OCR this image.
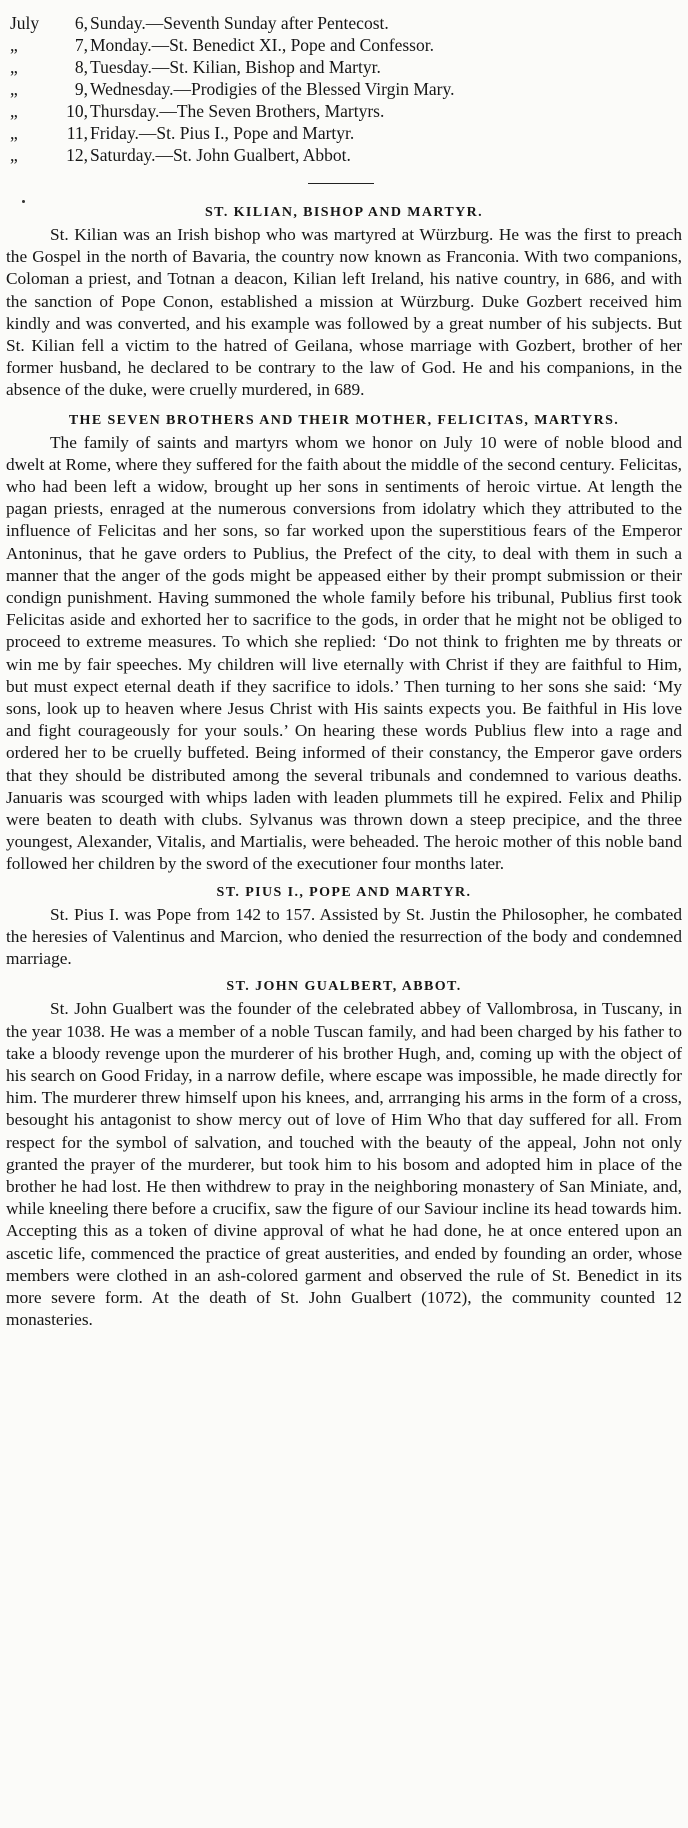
July	6, Sunday.—Seventh Sunday after Pentecost.
„	7, Monday.—St. Benedict XI., Pope and Confessor.
„	8, Tuesday.—St. Kilian, Bishop and Martyr.
„	9, Wednesday.—Prodigies of the Blessed Virgin Mary.
„	10, Thursday.—The Seven Brothers, Martyrs.
„	11, Friday.—St. Pius I., Pope and Martyr.
„	12, Saturday.—St. John Gualbert, Abbot.
ST. KILIAN, BISHOP AND MARTYR.

St. Kilian was an Irish bishop who was martyred at Würzburg. He was the first to preach the Gospel in the north of Bavaria, the country now known as Franconia. With two companions, Coloman a priest, and Totnan a deacon, Kilian left Ireland, his native country, in 686, and with the sanction of Pope Conon, established a mission at Würzburg. Duke Gozbert received him kindly and was converted, and his example was followed by a great number of his subjects. But St. Kilian fell a victim to the hatred of Geilana, whose marriage with Gozbert, brother of her former husband, he declared to be contrary to the law of God. He and his companions, in the absence of the duke, were cruelly murdered, in 689.

THE SEVEN BROTHERS AND THEIR MOTHER, FELICITAS, MARTYRS.

The family of saints and martyrs whom we honor on July 10 were of noble blood and dwelt at Rome, where they suffered for the faith about the middle of the second century. Felicitas, who had been left a widow, brought up her sons in sentiments of heroic virtue. At length the pagan priests, enraged at the numerous conversions from idolatry which they attributed to the influence of Felicitas and her sons, so far worked upon the superstitious fears of the Emperor Antoninus, that he gave orders to Publius, the Prefect of the city, to deal with them in such a manner that the anger of the gods might be appeased either by their prompt submission or their condign punishment. Having summoned the whole family before his tribunal, Publius first took Felicitas aside and exhorted her to sacrifice to the gods, in order that he might not be obliged to proceed to extreme measures. To which she replied: ‘Do not think to frighten me by threats or win me by fair speeches. My children will live eternally with Christ if they are faithful to Him, but must expect eternal death if they sacrifice to idols.’ Then turning to her sons she said: ‘My sons, look up to heaven where Jesus Christ with His saints expects you. Be faithful in His love and fight courageously for your souls.’ On hearing these words Publius flew into a rage and ordered her to be cruelly buffeted. Being informed of their constancy, the Emperor gave orders that they should be distributed among the several tribunals and condemned to various deaths. Januaris was scourged with whips laden with leaden plummets till he expired. Felix and Philip were beaten to death with clubs. Sylvanus was thrown down a steep precipice, and the three youngest, Alexander, Vitalis, and Martialis, were beheaded. The heroic mother of this noble band followed her children by the sword of the executioner four months later.

ST. PIUS I., POPE AND MARTYR.

St. Pius I. was Pope from 142 to 157. Assisted by St. Justin the Philosopher, he combated the heresies of Valentinus and Marcion, who denied the resurrection of the body and condemned marriage.

ST. JOHN GUALBERT, ABBOT.

St. John Gualbert was the founder of the celebrated abbey of Vallombrosa, in Tuscany, in the year 1038. He was a member of a noble Tuscan family, and had been charged by his father to take a bloody revenge upon the murderer of his brother Hugh, and, coming up with the object of his search on Good Friday, in a narrow defile, where escape was impossible, he made directly for him. The murderer threw himself upon his knees, and, arrranging his arms in the form of a cross, besought his antagonist to show mercy out of love of Him Who that day suffered for all. From respect for the symbol of salvation, and touched with the beauty of the appeal, John not only granted the prayer of the murderer, but took him to his bosom and adopted him in place of the brother he had lost. He then withdrew to pray in the neighboring monastery of San Miniate, and, while kneeling there before a crucifix, saw the figure of our Saviour incline its head towards him. Accepting this as a token of divine approval of what he had done, he at once entered upon an ascetic life, commenced the practice of great austerities, and ended by founding an order, whose members were clothed in an ash-colored garment and observed the rule of St. Benedict in its more severe form. At the death of St. John Gualbert (1072), the community counted 12 monasteries.
